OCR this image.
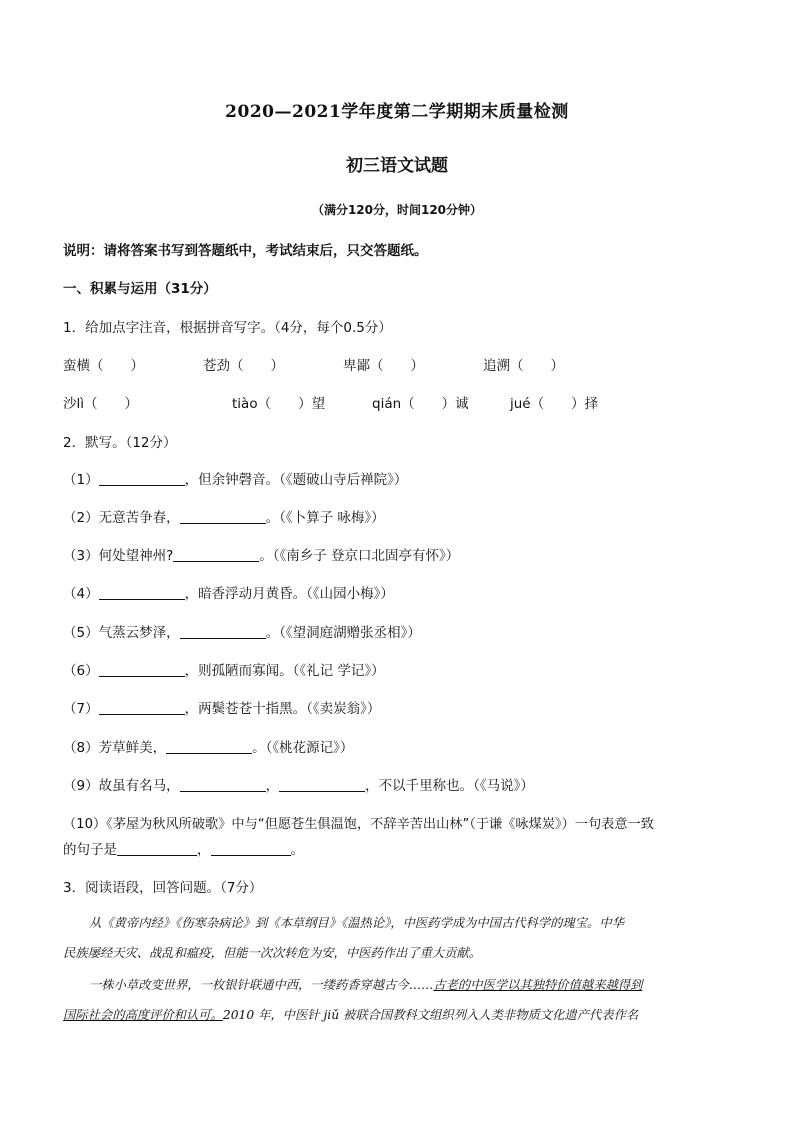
2020—2021学年度第二学期期末质量检测
初三语文试题
（满分120分，时间120分钟）
说明：请将答案书写到答题纸中，考试结束后，只交答题纸。
一、积累与运用（31分）
1．给加点字注音，根据拼音写字。（4分，每个0.5分）
蛮横（　　）	苍劲（　　）	卑鄙（　　）	追溯（　　）
沙lì（　　）	tiào（　　）望	qián（　　）诚	jué（　　）择
2．默写。（12分）
（1）	，但余钟磬音。（《题破山寺后禅院》）
（2）无意苦争春，	。（《卜算子 咏梅》）
（3）何处望神州?	。（《南乡子 登京口北固亭有怀》）
（4）	，暗香浮动月黄昏。（《山园小梅》）
（5）气蒸云梦泽，	。（《望洞庭湖赠张丞相》）
（6）	，则孤陋而寡闻。（《礼记 学记》）
（7）	，两鬓苍苍十指黑。（《卖炭翁》）
（8）芳草鲜美，	。（《桃花源记》）
（9）故虽有名马，	，	，不以千里称也。（《马说》）
（10）《茅屋为秋风所破歌》中与“但愿苍生俱温饱，不辞辛苦出山林”（于谦《咏煤炭》）一句表意一致
的句子是	，	。
3．阅读语段，回答问题。（7分）
从《黄帝内经》《伤寒杂病论》到《本草纲目》《温热论》，中医药学成为中国古代科学的瑰宝。中华
民族屡经天灾、战乱和瘟疫，但能一次次转危为安，中医药作出了重大贡献。
一株小草改变世界，一枚银针联通中西，一缕药香穿越古今……古老的中医学以其独特价值越来越得到
国际社会的高度评价和认可。2010 年，中医针 jiǔ 被联合国教科文组织列入人类非物质文化遗产代表作名
